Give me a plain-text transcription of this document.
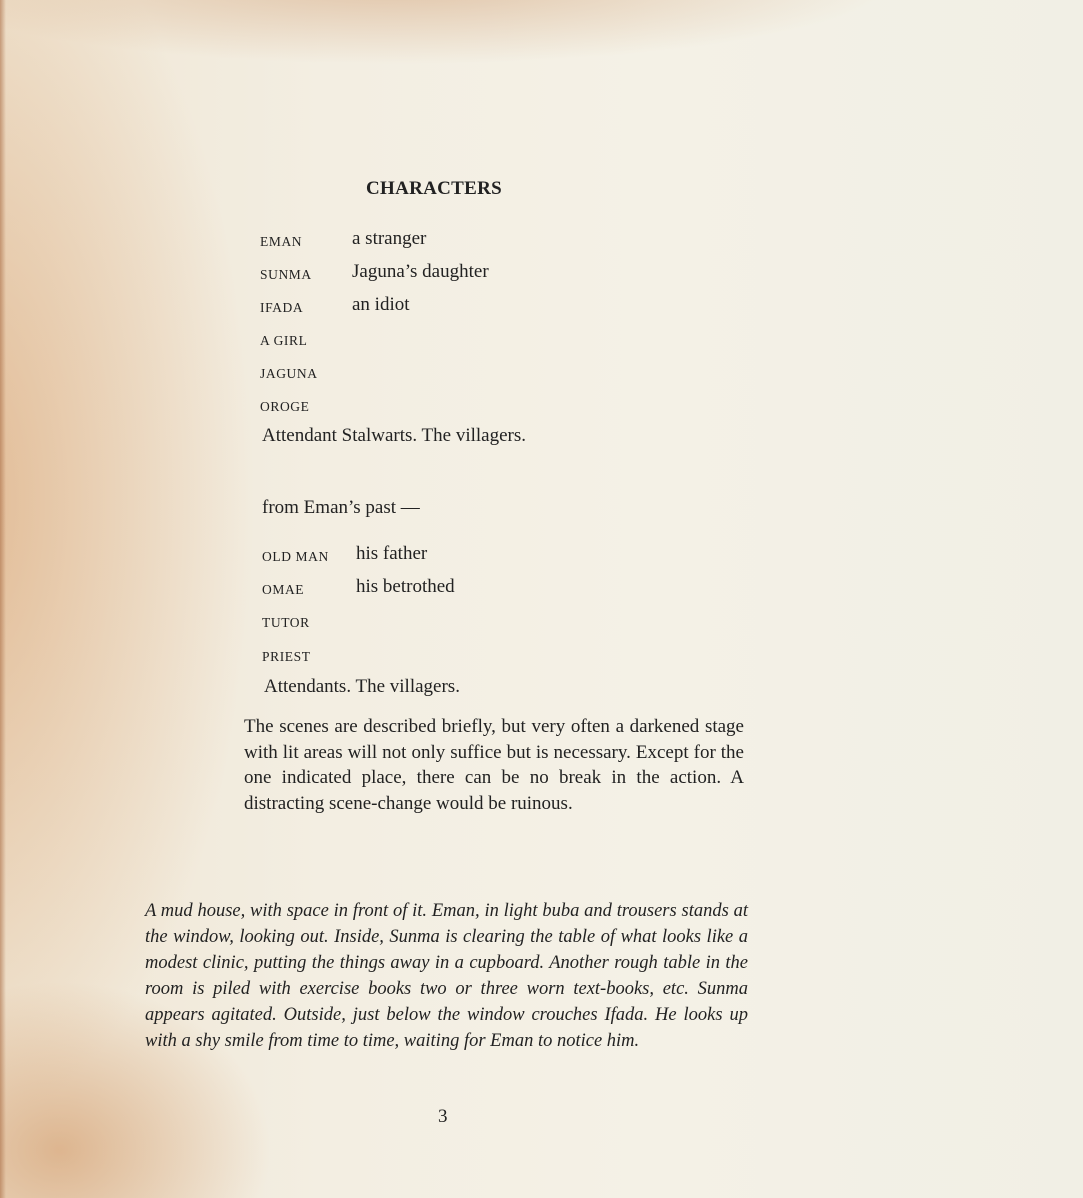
CHARACTERS
EMAN	a stranger
SUNMA Jaguna’s daughter
IFADA	an idiot
A GIRL
JAGUNA
OROGE
Attendant Stalwarts. The villagers.
from Eman’s past —
OLD MAN his father
OMAE	his betrothed
TUTOR
PRIEST
Attendants. The villagers.
The scenes are described briefly, but very often a darkened stage with lit areas will not only suffice but is necessary. Except for the one indicated place, there can be no break in the action. A distracting scene-change would be ruinous.
A mud house, with space in front of it. Eman, in light buba and trousers stands at the window, looking out. Inside, Sunma is clearing the table of what looks like a modest clinic, putting the things away in a cupboard. Another rough table in the room is piled with exercise books two or three worn text-books, etc. Sunma appears agitated. Outside, just below the window crouches Ifada. He looks up with a shy smile from time to time, waiting for Eman to notice him.
3
